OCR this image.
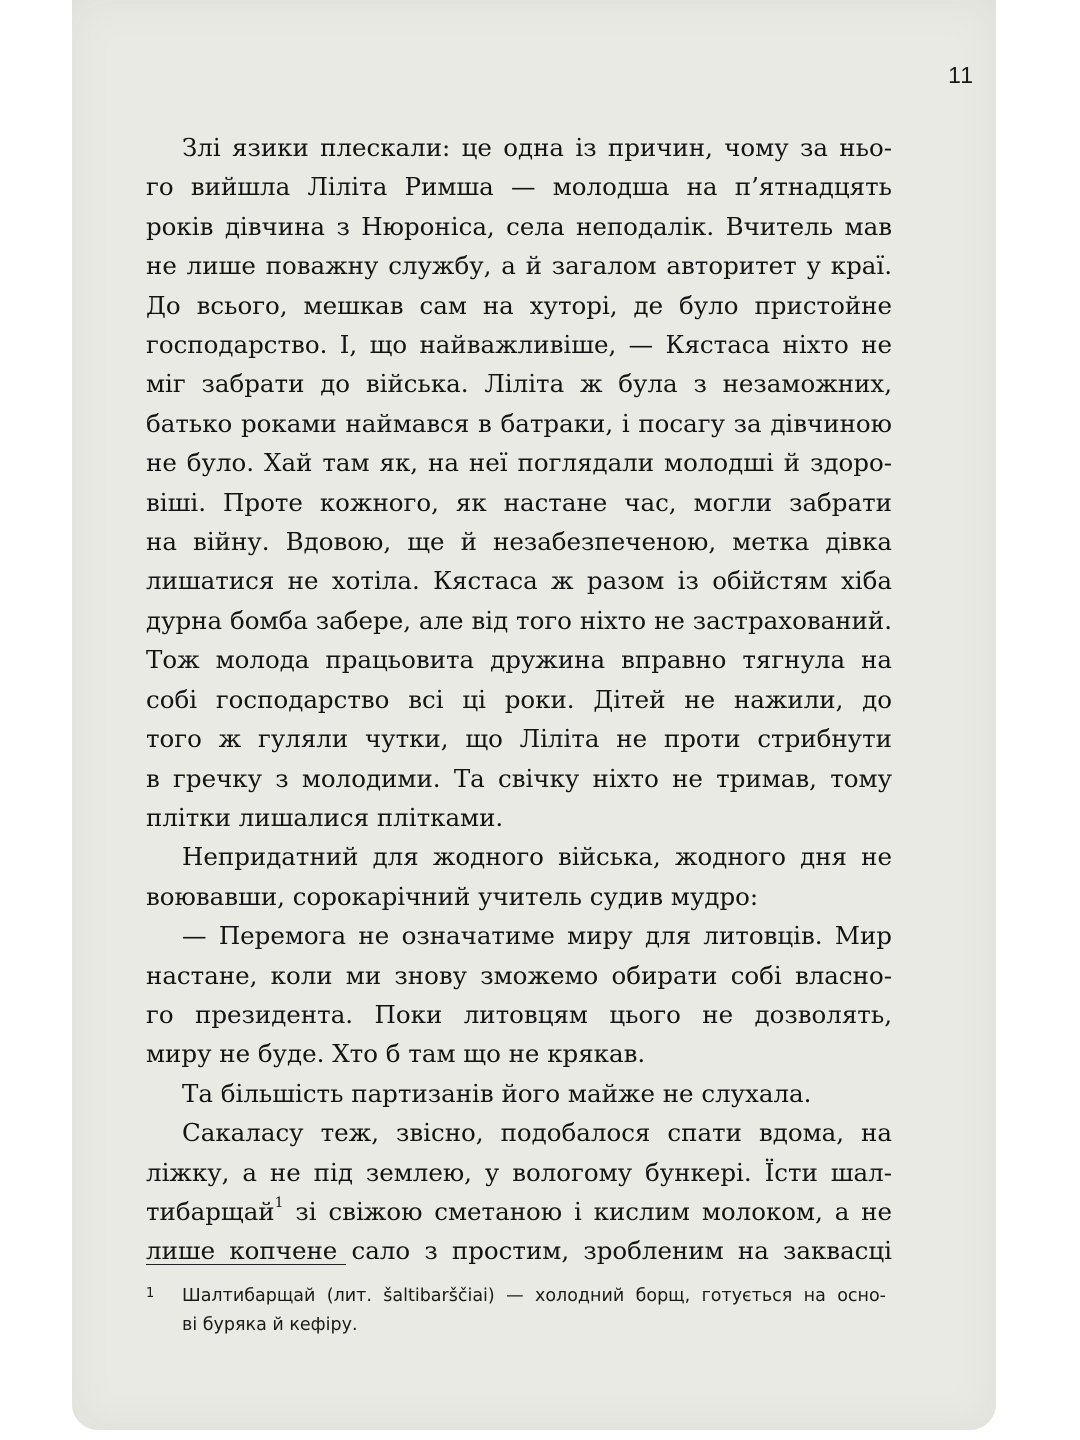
11

Злі язики плескали: це одна із причин, чому за ньо-
го вийшла Ліліта Римша — молодша на п’ятнадцять
років дівчина з Нюроніса, села неподалік. Вчитель мав
не лише поважну службу, а й загалом авторитет у краї.
До всього, мешкав сам на хуторі, де було пристойне
господарство. І, що найважливіше, — Кястаса ніхто не
міг забрати до війська. Ліліта ж була з незаможних,
батько роками наймався в батраки, і посагу за дівчиною
не було. Хай там як, на неї поглядали молодші й здоро-
віші. Проте кожного, як настане час, могли забрати
на війну. Вдовою, ще й незабезпеченою, метка дівка
лишатися не хотіла. Кястаса ж разом із обійстям хіба
дурна бомба забере, але від того ніхто не застрахований.
Тож молода працьовита дружина вправно тягнула на
собі господарство всі ці роки. Дітей не нажили, до
того ж гуляли чутки, що Ліліта не проти стрибнути
в гречку з молодими. Та свічку ніхто не тримав, тому
плітки лишалися плітками.

Непридатний для жодного війська, жодного дня не
воювавши, сорокарічний учитель судив мудро:

— Перемога не означатиме миру для литовців. Мир
настане, коли ми знову зможемо обирати собі власно-
го президента. Поки литовцям цього не дозволять,
миру не буде. Хто б там що не крякав.

Та більшість партизанів його майже не слухала.

Сакаласу теж, звісно, подобалося спати вдома, на
ліжку, а не під землею, у вологому бункері. Їсти шал-
тибарщай$^1$ зі свіжою сметаною і кислим молоком, а не
лише копчене сало з простим, зробленим на заквасці

1 Шалтибарщай (лит. šaltibarščiai) — холодний борщ, готується на осно-
ві буряка й кефіру.
